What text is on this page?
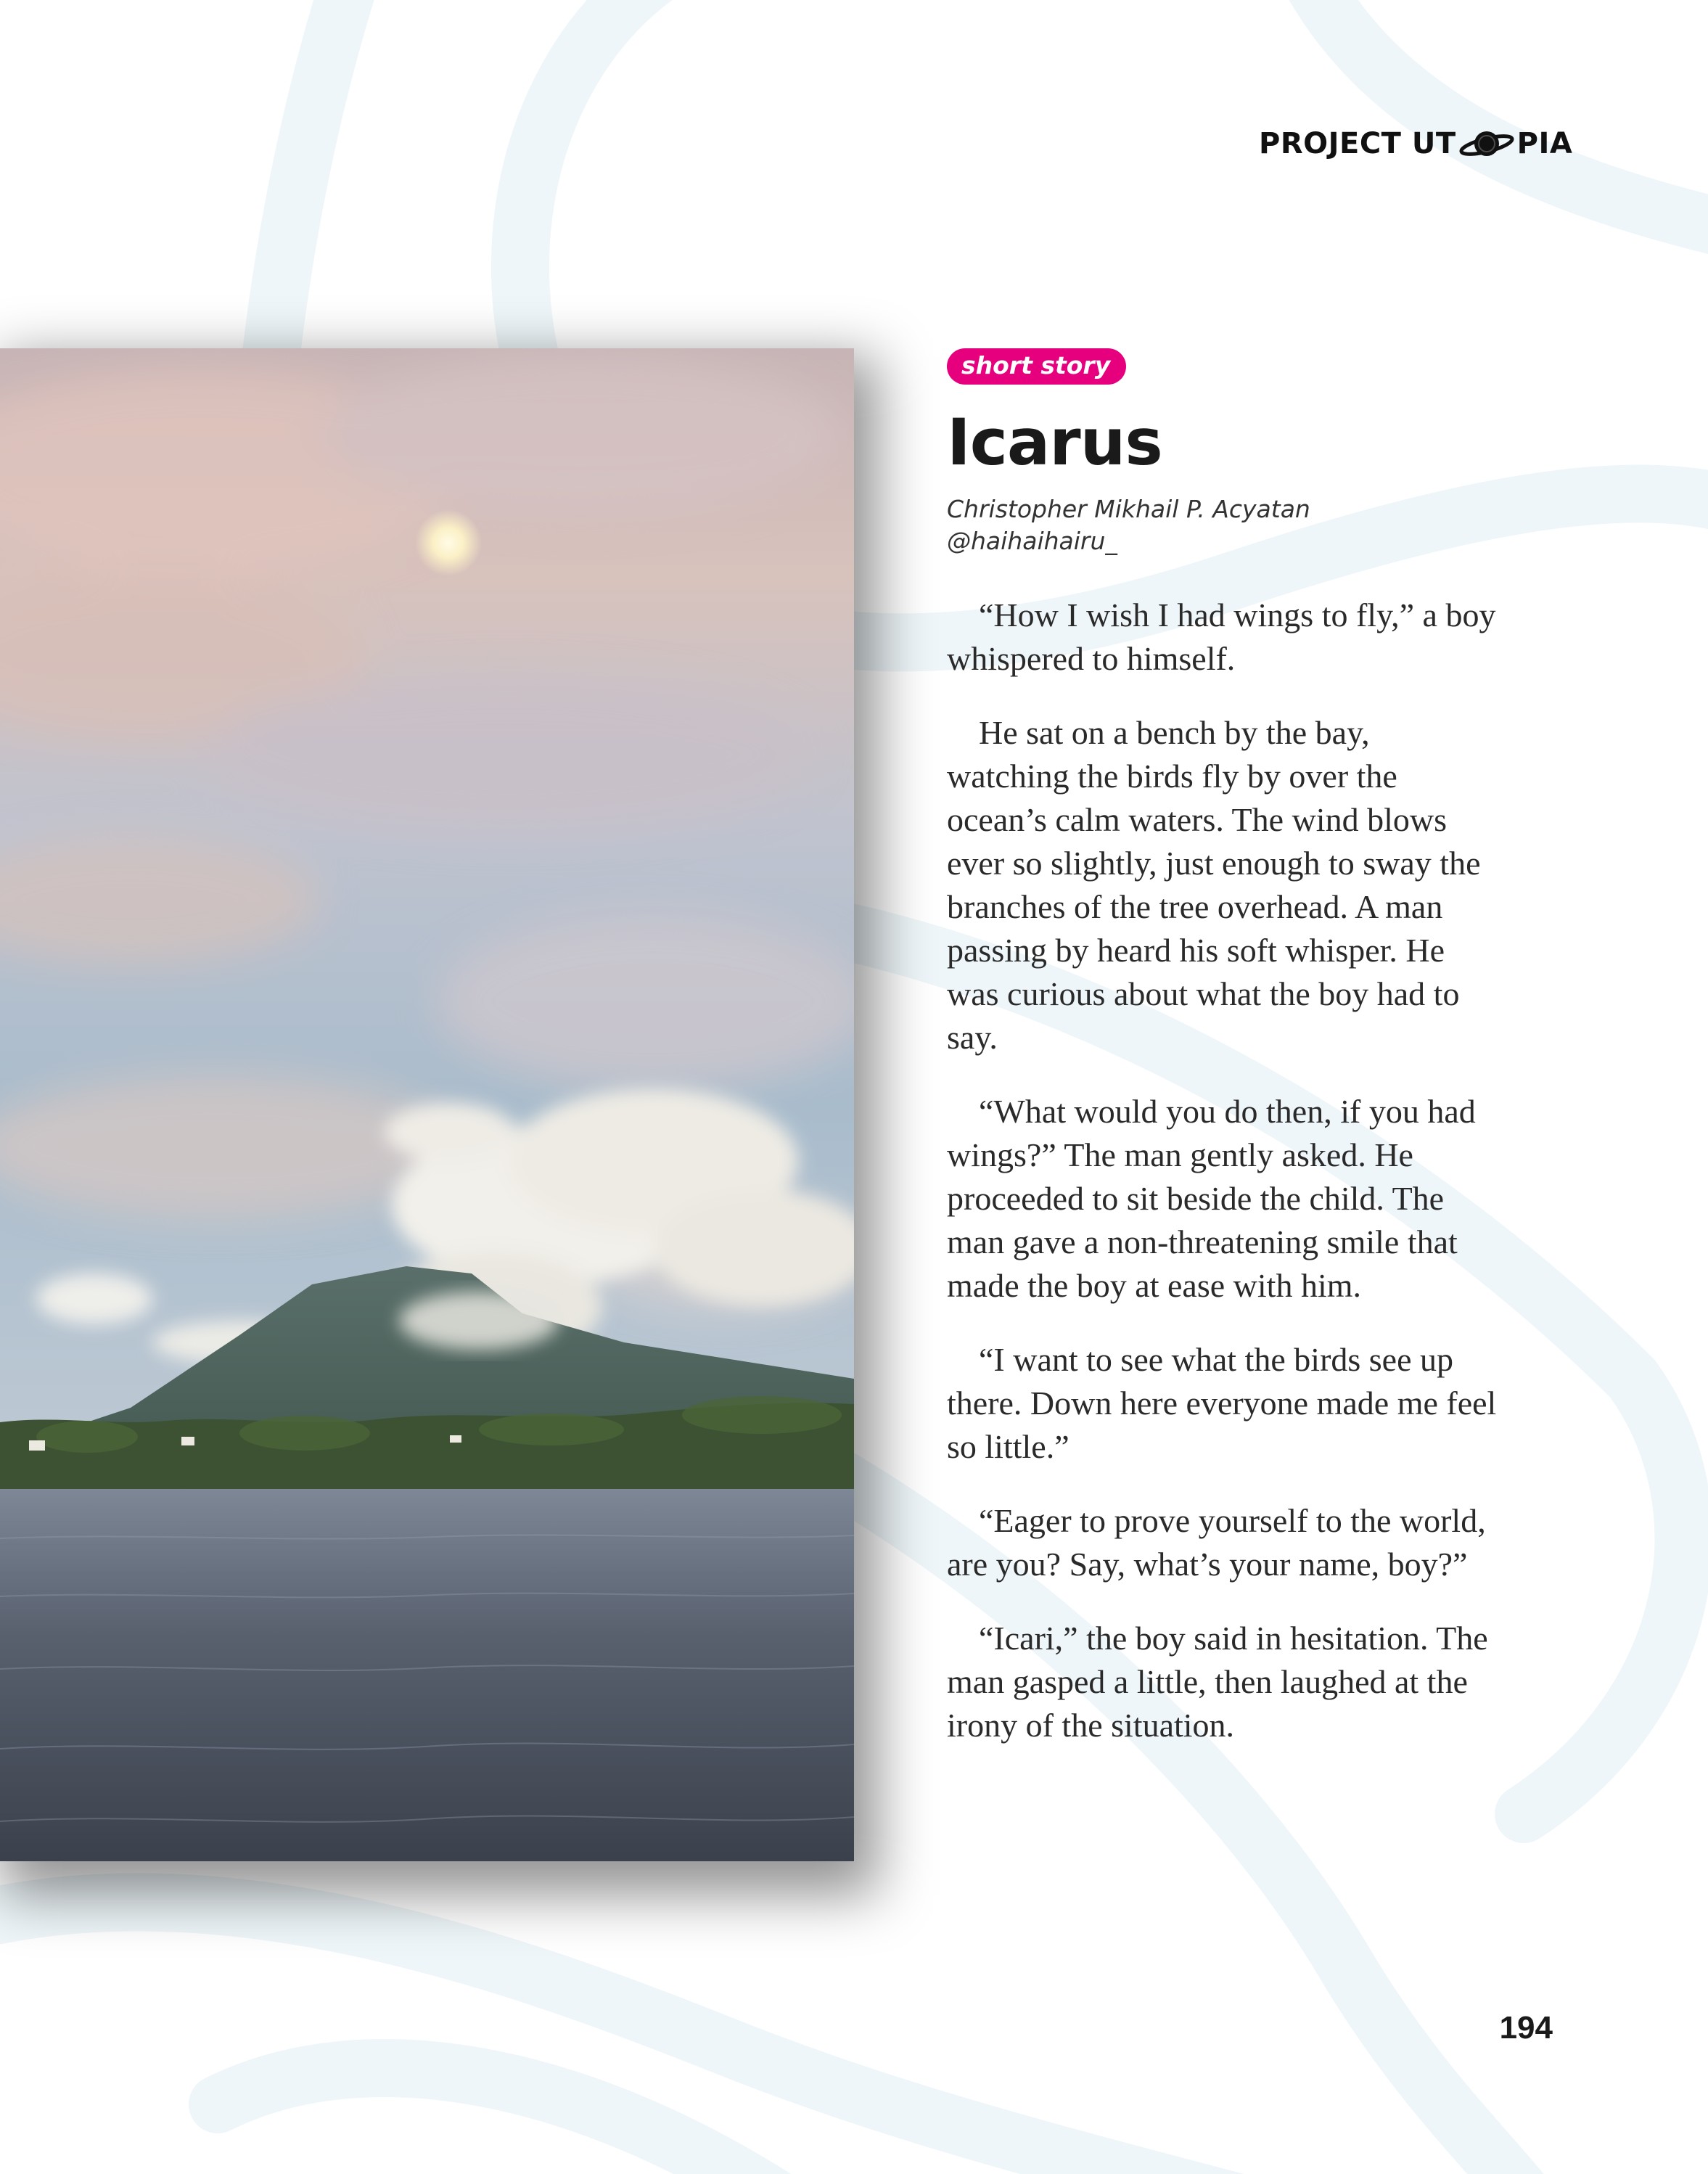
PROJECT UT PIA
short story
Icarus
Christopher Mikhail P. Acyatan
@haihaihairu_

“How I wish I had wings to fly,” a boy whispered to himself.

He sat on a bench by the bay, watching the birds fly by over the ocean’s calm waters. The wind blows ever so slightly, just enough to sway the branches of the tree overhead. A man passing by heard his soft whisper. He was curious about what the boy had to say.

“What would you do then, if you had wings?” The man gently asked. He proceeded to sit beside the child. The man gave a non-threatening smile that made the boy at ease with him.

“I want to see what the birds see up there. Down here everyone made me feel so little.”

“Eager to prove yourself to the world, are you? Say, what’s your name, boy?”

“Icari,” the boy said in hesitation. The man gasped a little, then laughed at the irony of the situation.

194
